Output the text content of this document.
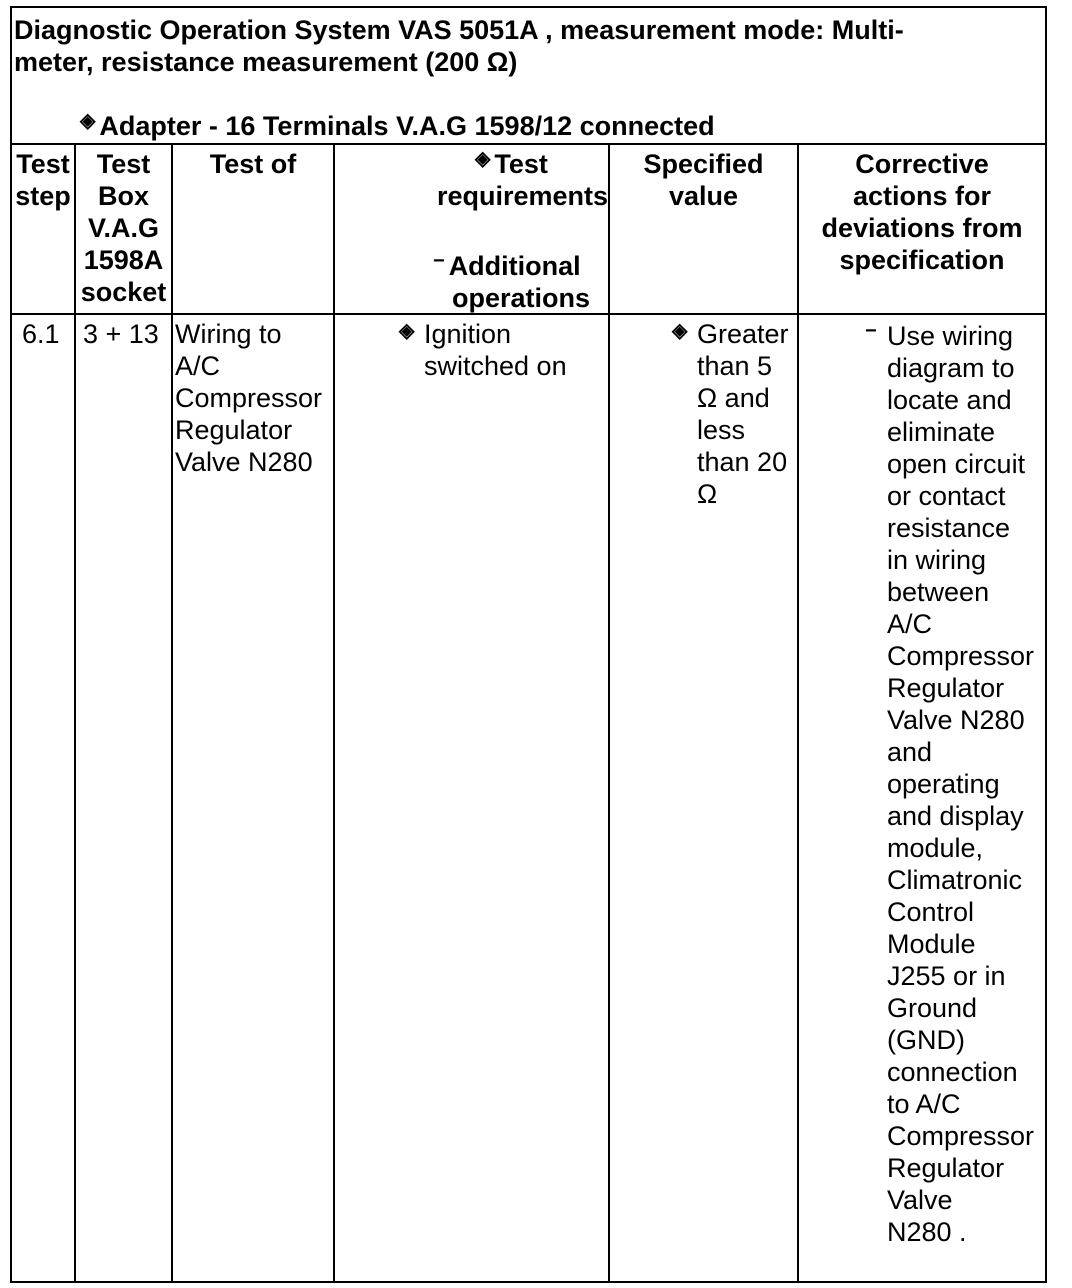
Diagnostic Operation System VAS 5051A , measurement mode: Multi-
meter, resistance measurement (200 Ω)
◈ Adapter - 16 Terminals V.A.G 1598/12 connected
Test
step
Test
Box
V.A.G
1598A
socket
Test of	◈ Test
requirements
− Additional
operations
Specified
value
Corrective
actions for
deviations from
specification
6.1 3 + 13 Wiring to
A/C
Compressor
Regulator
Valve N280
◈ Ignition
switched on
◈ Greater
than 5
Ω and
less
than 20
Ω
− Use wiring
diagram to
locate and
eliminate
open circuit
or contact
resistance
in wiring
between
A/C
Compressor
Regulator
Valve N280
and
operating
and display
module,
Climatronic
Control
Module
J255 or in
Ground
(GND)
connection
to A/C
Compressor
Regulator
Valve
N280 .
